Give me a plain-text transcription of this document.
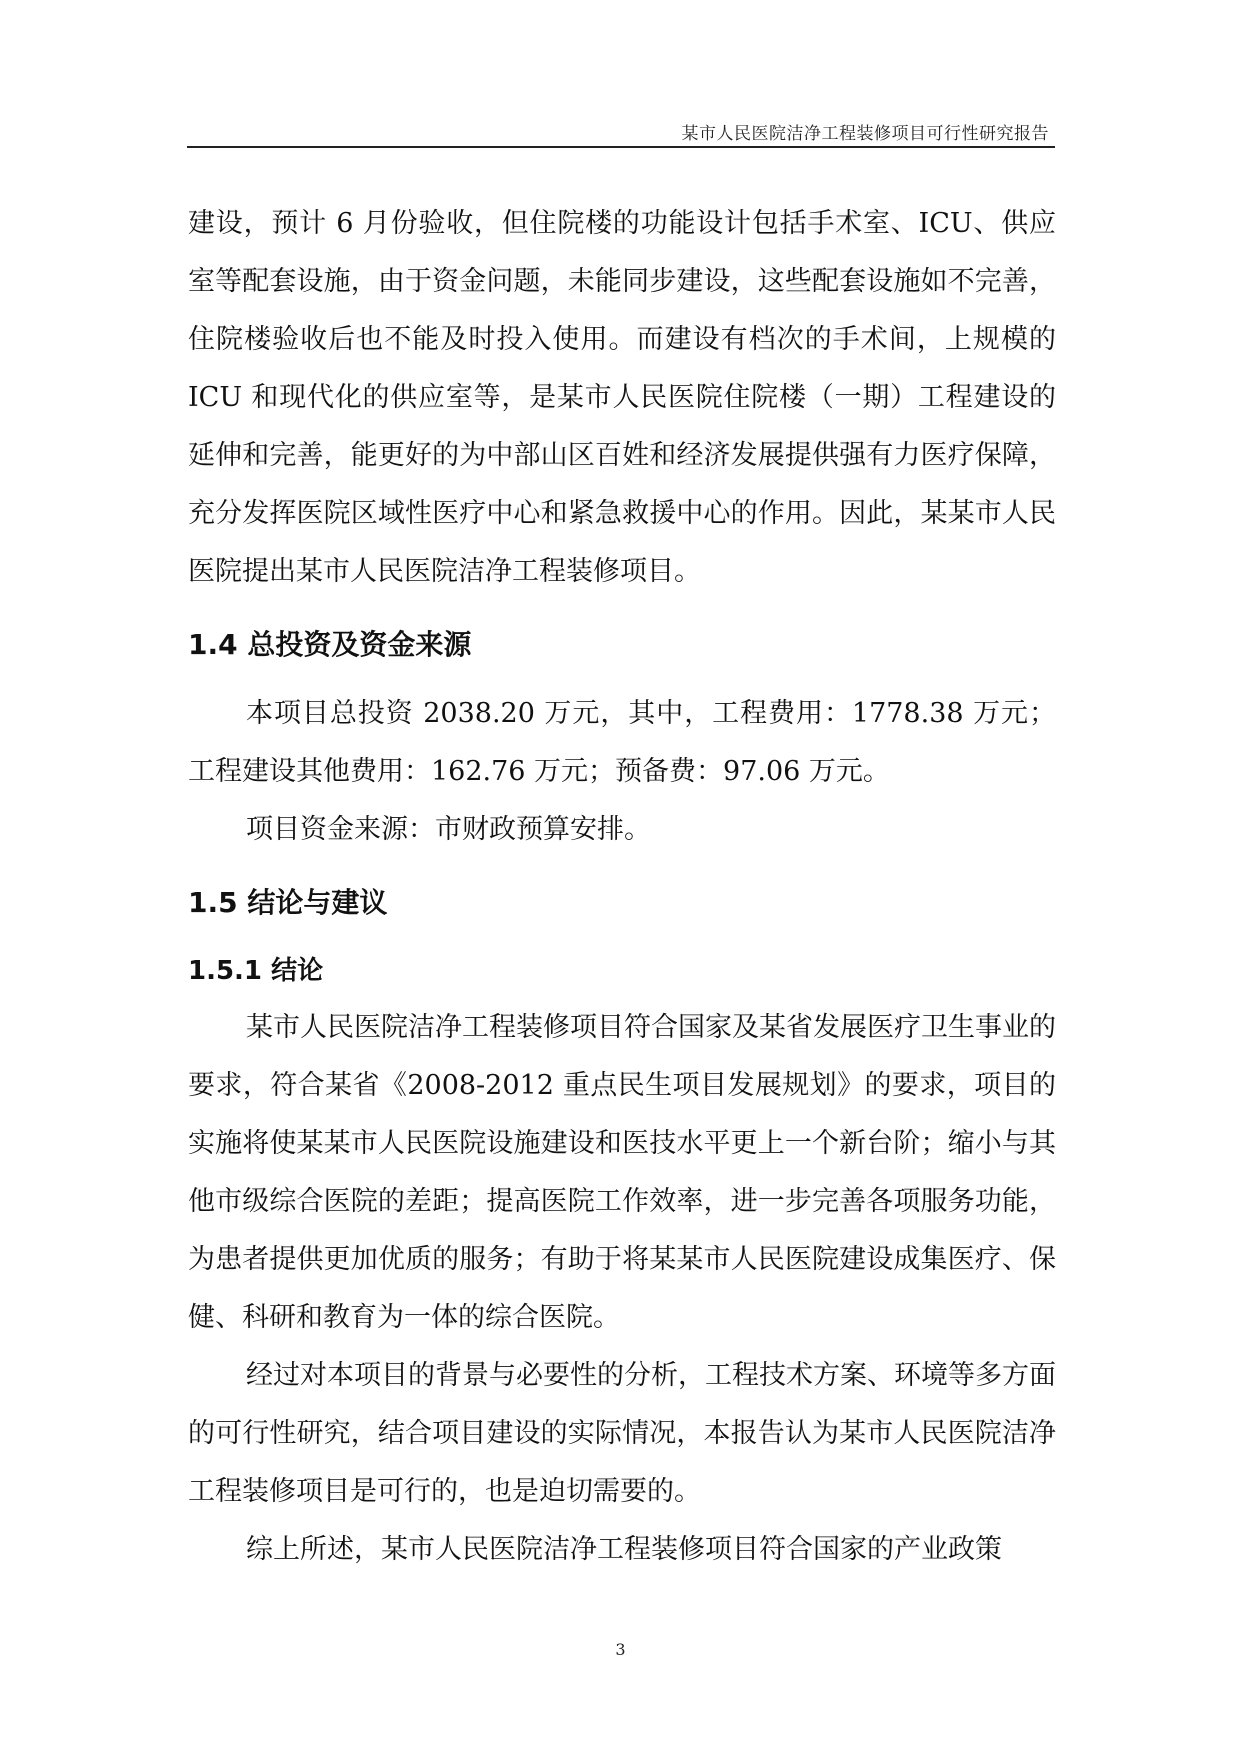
某市人民医院洁净工程装修项目可行性研究报告

建设，预计 6 月份验收，但住院楼的功能设计包括手术室、ICU、供应室等配套设施，由于资金问题，未能同步建设，这些配套设施如不完善，住院楼验收后也不能及时投入使用。而建设有档次的手术间，上规模的 ICU 和现代化的供应室等，是某市人民医院住院楼（一期）工程建设的延伸和完善，能更好的为中部山区百姓和经济发展提供强有力医疗保障，充分发挥医院区域性医疗中心和紧急救援中心的作用。因此，某某市人民医院提出某市人民医院洁净工程装修项目。

1.4 总投资及资金来源

本项目总投资 2038.20 万元，其中，工程费用：1778.38 万元；工程建设其他费用：162.76 万元；预备费：97.06 万元。

项目资金来源：市财政预算安排。

1.5 结论与建议
1.5.1 结论

某市人民医院洁净工程装修项目符合国家及某省发展医疗卫生事业的要求，符合某省《2008-2012 重点民生项目发展规划》的要求，项目的实施将使某某市人民医院设施建设和医技水平更上一个新台阶；缩小与其他市级综合医院的差距；提高医院工作效率，进一步完善各项服务功能，为患者提供更加优质的服务；有助于将某某市人民医院建设成集医疗、保健、科研和教育为一体的综合医院。

经过对本项目的背景与必要性的分析，工程技术方案、环境等多方面的可行性研究，结合项目建设的实际情况，本报告认为某市人民医院洁净工程装修项目是可行的，也是迫切需要的。

综上所述，某市人民医院洁净工程装修项目符合国家的产业政策

3
